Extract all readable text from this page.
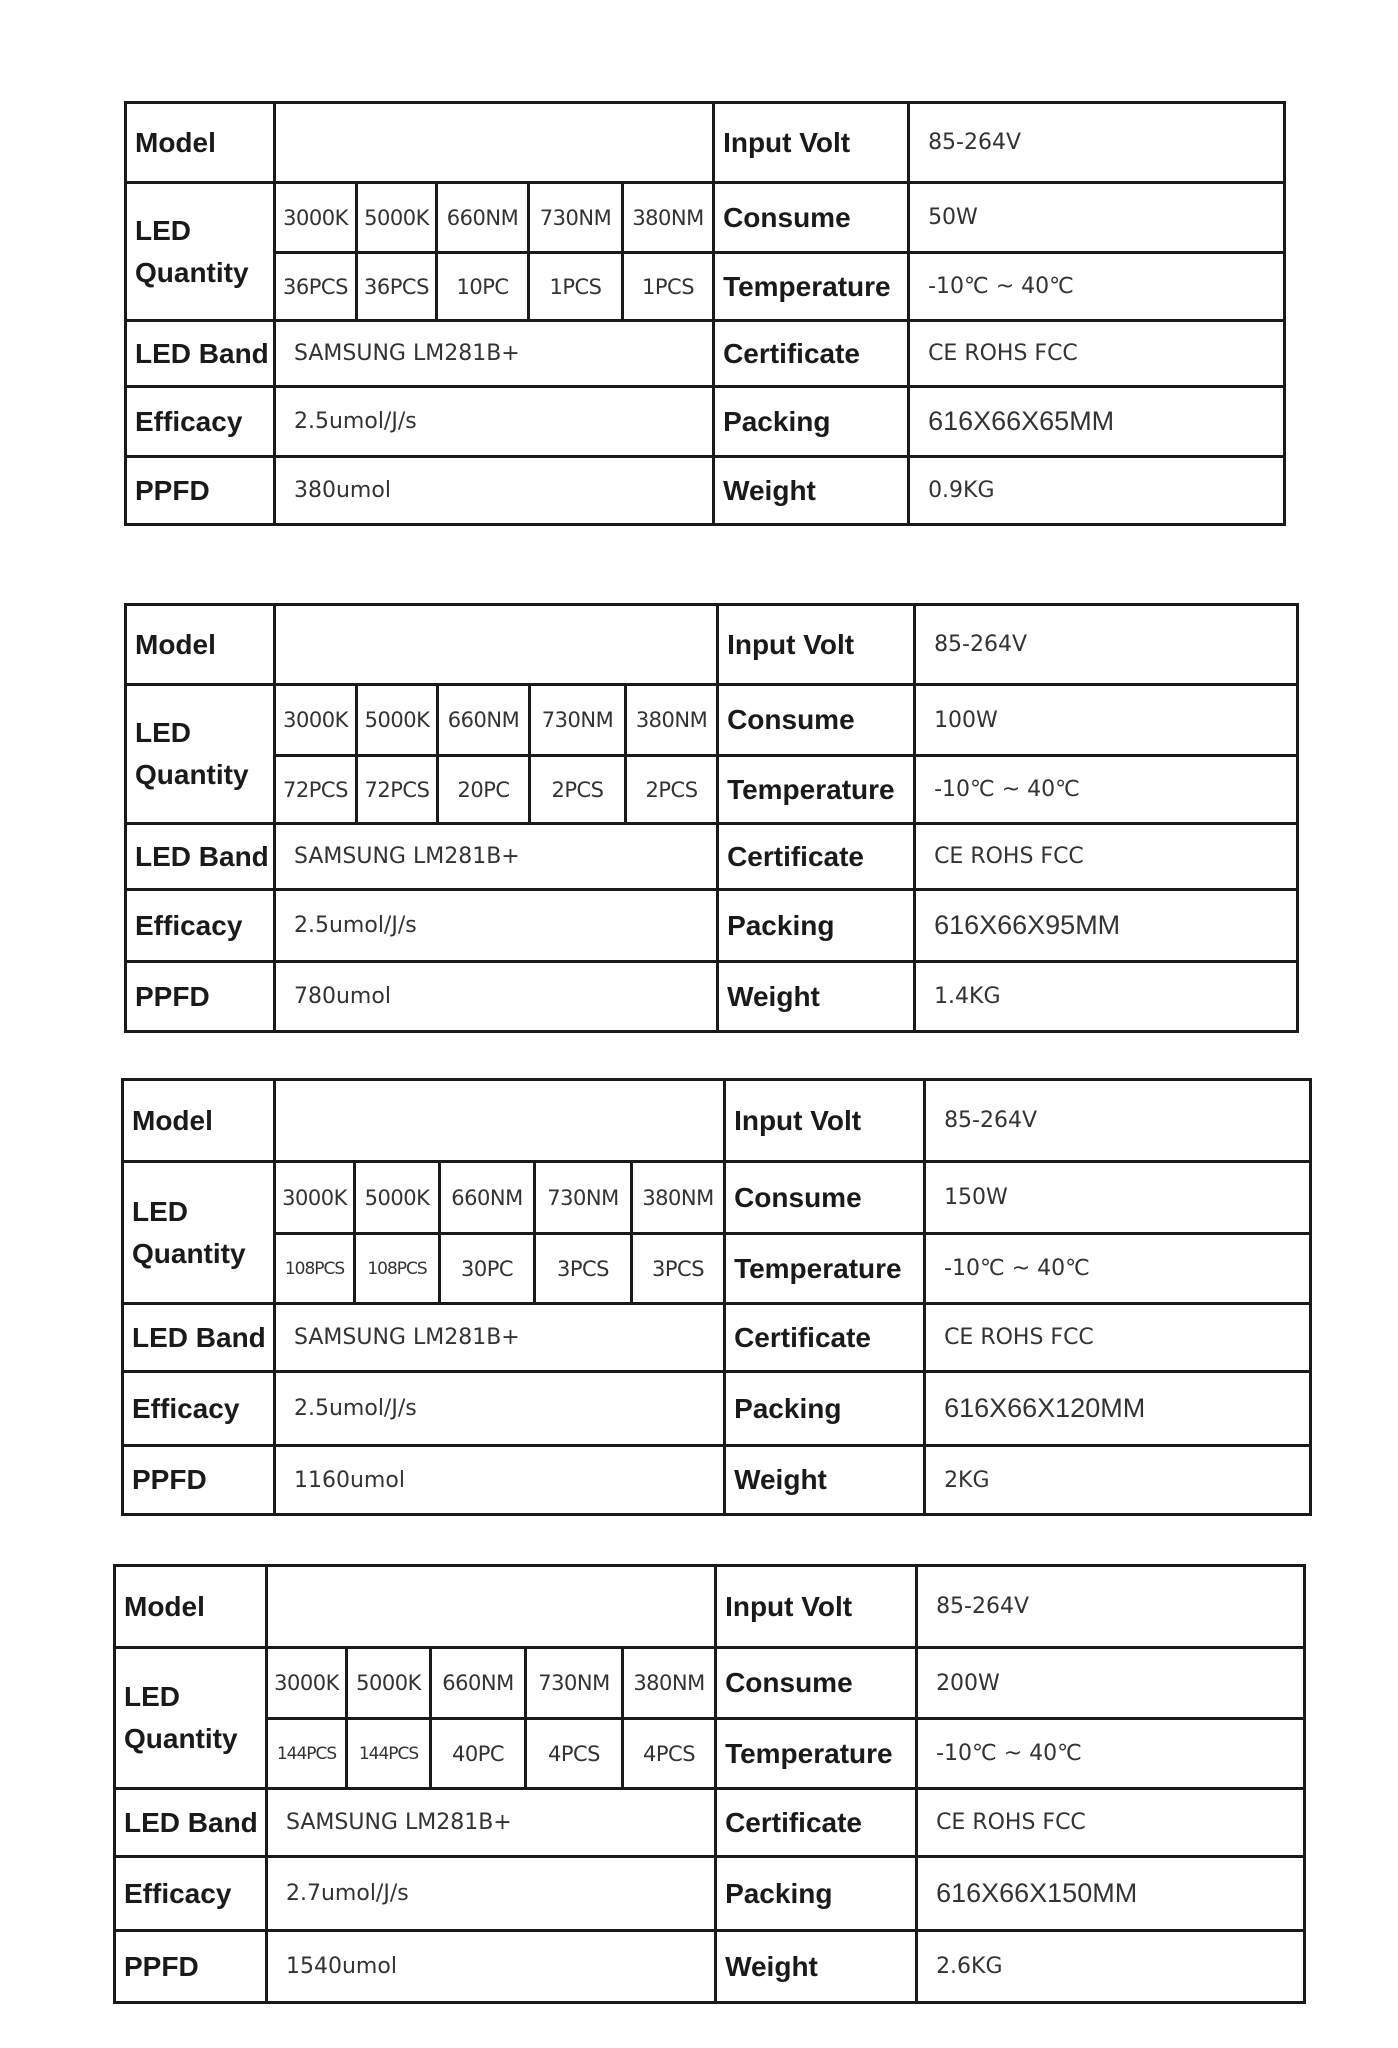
Model						Input Volt	85-264V
LED
Quantity	3000K	5000K	660NM	730NM	380NM	Consume	50W
	36PCS	36PCS	10PC	1PCS	1PCS	Temperature	-10℃ ~ 40℃
LED Band	SAMSUNG LM281B+					Certificate	CE ROHS FCC
Efficacy	2.5umol/J/s					Packing	616X66X65MM
PPFD	380umol					Weight	0.9KG
Model						Input Volt	85-264V
LED
Quantity	3000K	5000K	660NM	730NM	380NM	Consume	100W
	72PCS	72PCS	20PC	2PCS	2PCS	Temperature	-10℃ ~ 40℃
LED Band	SAMSUNG LM281B+					Certificate	CE ROHS FCC
Efficacy	2.5umol/J/s					Packing	616X66X95MM
PPFD	780umol					Weight	1.4KG
Model						Input Volt	85-264V
LED
Quantity	3000K	5000K	660NM	730NM	380NM	Consume	150W
	108PCS	108PCS	30PC	3PCS	3PCS	Temperature	-10℃ ~ 40℃
LED Band	SAMSUNG LM281B+					Certificate	CE ROHS FCC
Efficacy	2.5umol/J/s					Packing	616X66X120MM
PPFD	1160umol					Weight	2KG
Model						Input Volt	85-264V
LED
Quantity	3000K	5000K	660NM	730NM	380NM	Consume	200W
	144PCS	144PCS	40PC	4PCS	4PCS	Temperature	-10℃ ~ 40℃
LED Band	SAMSUNG LM281B+					Certificate	CE ROHS FCC
Efficacy	2.7umol/J/s					Packing	616X66X150MM
PPFD	1540umol					Weight	2.6KG
